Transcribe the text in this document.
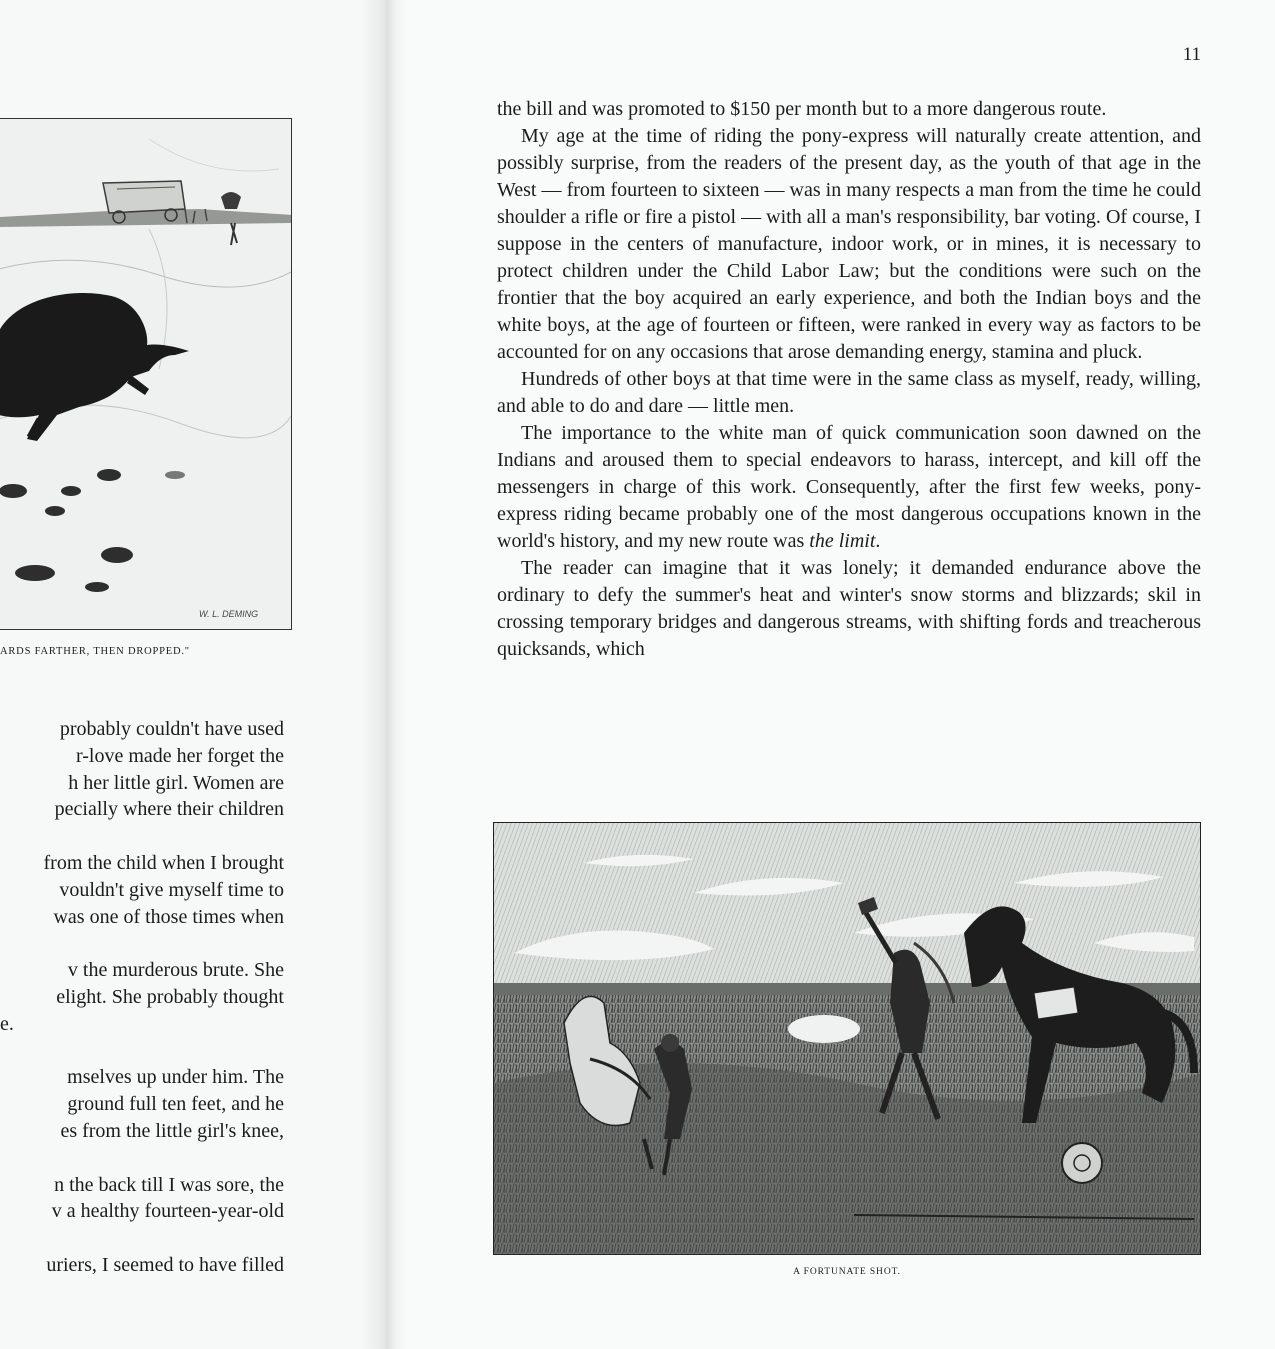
W. L. DEMING
ARDS FARTHER, THEN DROPPED."
probably couldn't have used
r-love made her forget the
h her little girl. Women are
pecially where their children
from the child when I brought
vouldn't give myself time to
was one of those times when
v the murderous brute. She
elight. She probably thought
e.
mselves up under him. The
ground full ten feet, and he
es from the little girl's knee,
n the back till I was sore, the
v a healthy fourteen-year-old
uriers, I seemed to have filled
11

the bill and was promoted to $150 per month but to a more dangerous route.

My age at the time of riding the pony-express will naturally create attention, and possibly surprise, from the readers of the present day, as the youth of that age in the West — from fourteen to sixteen — was in many respects a man from the time he could shoulder a rifle or fire a pistol — with all a man's responsibility, bar voting. Of course, I suppose in the centers of manufacture, indoor work, or in mines, it is necessary to protect children under the Child Labor Law; but the conditions were such on the frontier that the boy acquired an early experience, and both the Indian boys and the white boys, at the age of fourteen or fifteen, were ranked in every way as factors to be accounted for on any occasions that arose demanding energy, stamina and pluck.

Hundreds of other boys at that time were in the same class as myself, ready, willing, and able to do and dare — little men.

The importance to the white man of quick communication soon dawned on the Indians and aroused them to special endeavors to harass, intercept, and kill off the messengers in charge of this work. Consequently, after the first few weeks, pony-express riding became probably one of the most dangerous occupations known in the world's history, and my new route was the limit.

The reader can imagine that it was lonely; it demanded endurance above the ordinary to defy the summer's heat and winter's snow storms and blizzards; skil in crossing temporary bridges and dangerous streams, with shifting fords and treacherous quicksands, which

A FORTUNATE SHOT.
